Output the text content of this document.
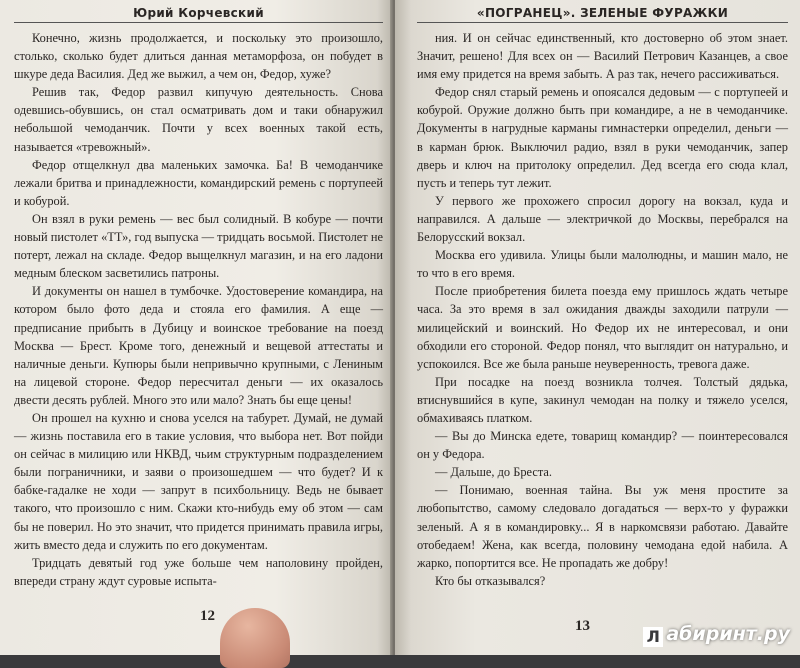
Юрий Корчевский

Конечно, жизнь продолжается, и поскольку это произошло, столько, сколько будет длиться данная метаморфоза, он побудет в шкуре деда Василия. Дед же выжил, а чем он, Федор, хуже?

Решив так, Федор развил кипучую деятельность. Снова одевшись-обувшись, он стал осматривать дом и таки обнаружил небольшой чемоданчик. Почти у всех военных такой есть, называется «тревожный».

Федор отщелкнул два маленьких замочка. Ба! В чемоданчике лежали бритва и принадлежности, командирский ремень с портупеей и кобурой.

Он взял в руки ремень — вес был солидный. В кобуре — почти новый пистолет «ТТ», год выпуска — тридцать восьмой. Пистолет не потерт, лежал на складе. Федор выщелкнул магазин, и на его ладони медным блеском засветились патроны.

И документы он нашел в тумбочке. Удостоверение командира, на котором было фото деда и стояла его фамилия. А еще — предписание прибыть в Дубицу и воинское требование на поезд Москва — Брест. Кроме того, денежный и вещевой аттестаты и наличные деньги. Купюры были непривычно крупными, с Лениным на лицевой стороне. Федор пересчитал деньги — их оказалось двести десять рублей. Много это или мало? Знать бы еще цены!

Он прошел на кухню и снова уселся на табурет. Думай, не думай — жизнь поставила его в такие условия, что выбора нет. Вот пойди он сейчас в милицию или НКВД, чьим структурным подразделением были пограничники, и заяви о произошедшем — что будет? И к бабке-гадалке не ходи — запрут в психбольницу. Ведь не бывает такого, что произошло с ним. Скажи кто-нибудь ему об этом — сам бы не поверил. Но это значит, что придется принимать правила игры, жить вместо деда и служить по его документам.

Тридцать девятый год уже больше чем наполовину пройден, впереди страну ждут суровые испыта-

12
«ПОГРАНЕЦ». ЗЕЛЕНЫЕ ФУРАЖКИ

ния. И он сейчас единственный, кто достоверно об этом знает. Значит, решено! Для всех он — Василий Петрович Казанцев, а свое имя ему придется на время забыть. А раз так, нечего рассиживаться.

Федор снял старый ремень и опоясался дедовым — с портупеей и кобурой. Оружие должно быть при командире, а не в чемоданчике. Документы в нагрудные карманы гимнастерки определил, деньги — в карман брюк. Выключил радио, взял в руки чемоданчик, запер дверь и ключ на притолоку определил. Дед всегда его сюда клал, пусть и теперь тут лежит.

У первого же прохожего спросил дорогу на вокзал, куда и направился. А дальше — электричкой до Москвы, перебрался на Белорусский вокзал.

Москва его удивила. Улицы были малолюдны, и машин мало, не то что в его время.

После приобретения билета поезда ему пришлось ждать четыре часа. За это время в зал ожидания дважды заходили патрули — милицейский и воинский. Но Федор их не интересовал, и они обходили его стороной. Федор понял, что выглядит он натурально, и успокоился. Все же была раньше неуверенность, тревога даже.

При посадке на поезд возникла толчея. Толстый дядька, втиснувшийся в купе, закинул чемодан на полку и тяжело уселся, обмахиваясь платком.

— Вы до Минска едете, товарищ командир? — поинтересовался он у Федора.

— Дальше, до Бреста.

— Понимаю, военная тайна. Вы уж меня простите за любопытство, самому следовало догадаться — верх-то у фуражки зеленый. А я в командировку... Я в наркомсвязи работаю. Давайте отобедаем! Жена, как всегда, половину чемодана едой набила. А жарко, попортится все. Не пропадать же добру!

Кто бы отказывался?

13
Л абиринт.ру
